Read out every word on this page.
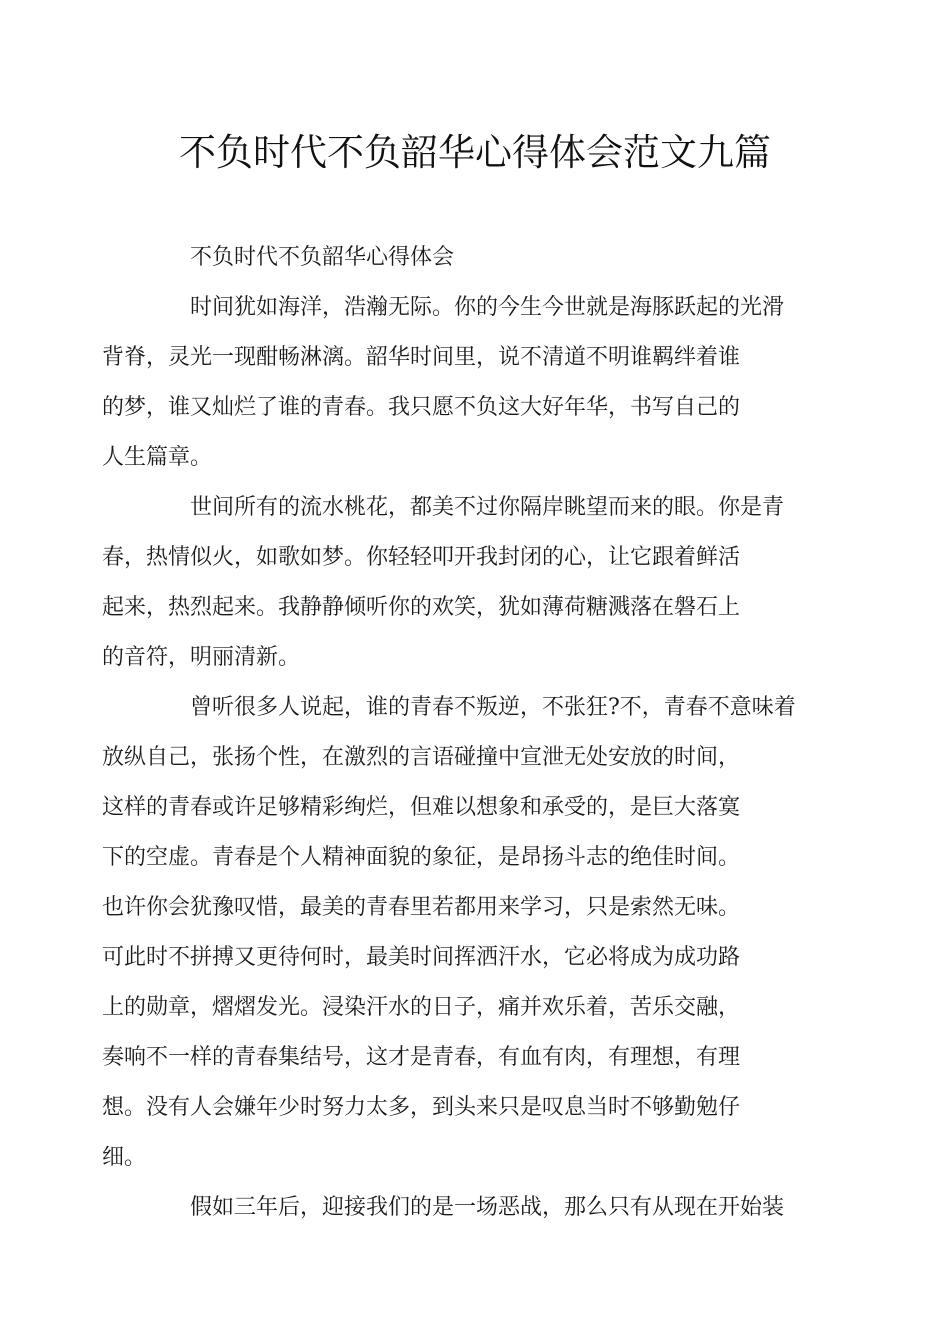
不负时代不负韶华心得体会范文九篇

不负时代不负韶华心得体会

时间犹如海洋，浩瀚无际。你的今生今世就是海豚跃起的光滑
背脊，灵光一现酣畅淋漓。韶华时间里，说不清道不明谁羁绊着谁
的梦，谁又灿烂了谁的青春。我只愿不负这大好年华，书写自己的
人生篇章。

世间所有的流水桃花，都美不过你隔岸眺望而来的眼。你是青
春，热情似火，如歌如梦。你轻轻叩开我封闭的心，让它跟着鲜活
起来，热烈起来。我静静倾听你的欢笑，犹如薄荷糖溅落在磐石上
的音符，明丽清新。

曾听很多人说起，谁的青春不叛逆，不张狂?不，青春不意味着
放纵自己，张扬个性，在激烈的言语碰撞中宣泄无处安放的时间，
这样的青春或许足够精彩绚烂，但难以想象和承受的，是巨大落寞
下的空虚。青春是个人精神面貌的象征，是昂扬斗志的绝佳时间。
也许你会犹豫叹惜，最美的青春里若都用来学习，只是索然无味。
可此时不拼搏又更待何时，最美时间挥洒汗水，它必将成为成功路
上的勋章，熠熠发光。浸染汗水的日子，痛并欢乐着，苦乐交融，
奏响不一样的青春集结号，这才是青春，有血有肉，有理想，有理
想。没有人会嫌年少时努力太多，到头来只是叹息当时不够勤勉仔
细。

假如三年后，迎接我们的是一场恶战，那么只有从现在开始装
